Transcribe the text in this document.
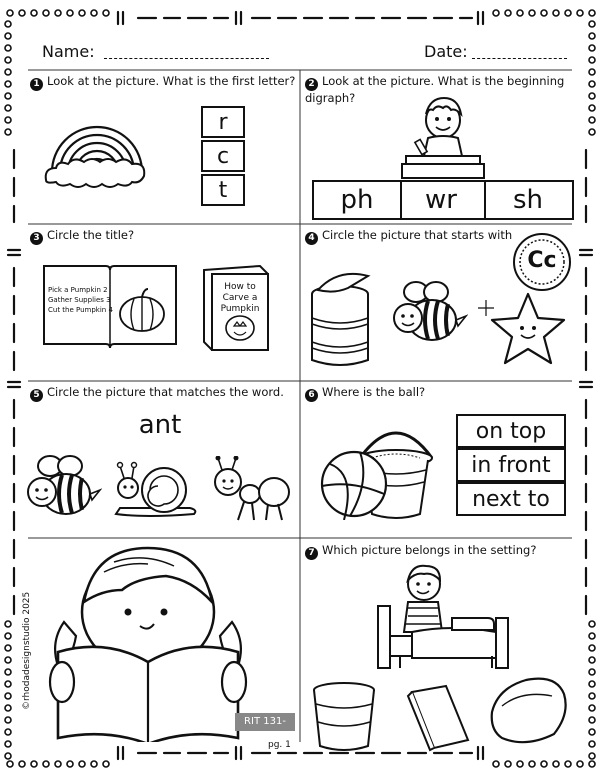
Name:	Date:
1 Look at the picture. What is the first letter?
r
c
t
2 Look at the picture. What is the beginning digraph?
ph	wr	sh
3 Circle the title?
Pick a Pumpkin 2
Gather Supplies 3
Cut the Pumpkin 4
How to Carve a Pumpkin
4 Circle the picture that starts with
Cc
5 Circle the picture that matches the word.
ant
6 Where is the ball?
on top
in front
next to
©rhodadesignstudio 2025
RIT 131-140
pg. 1
7 Which picture belongs in the setting?
